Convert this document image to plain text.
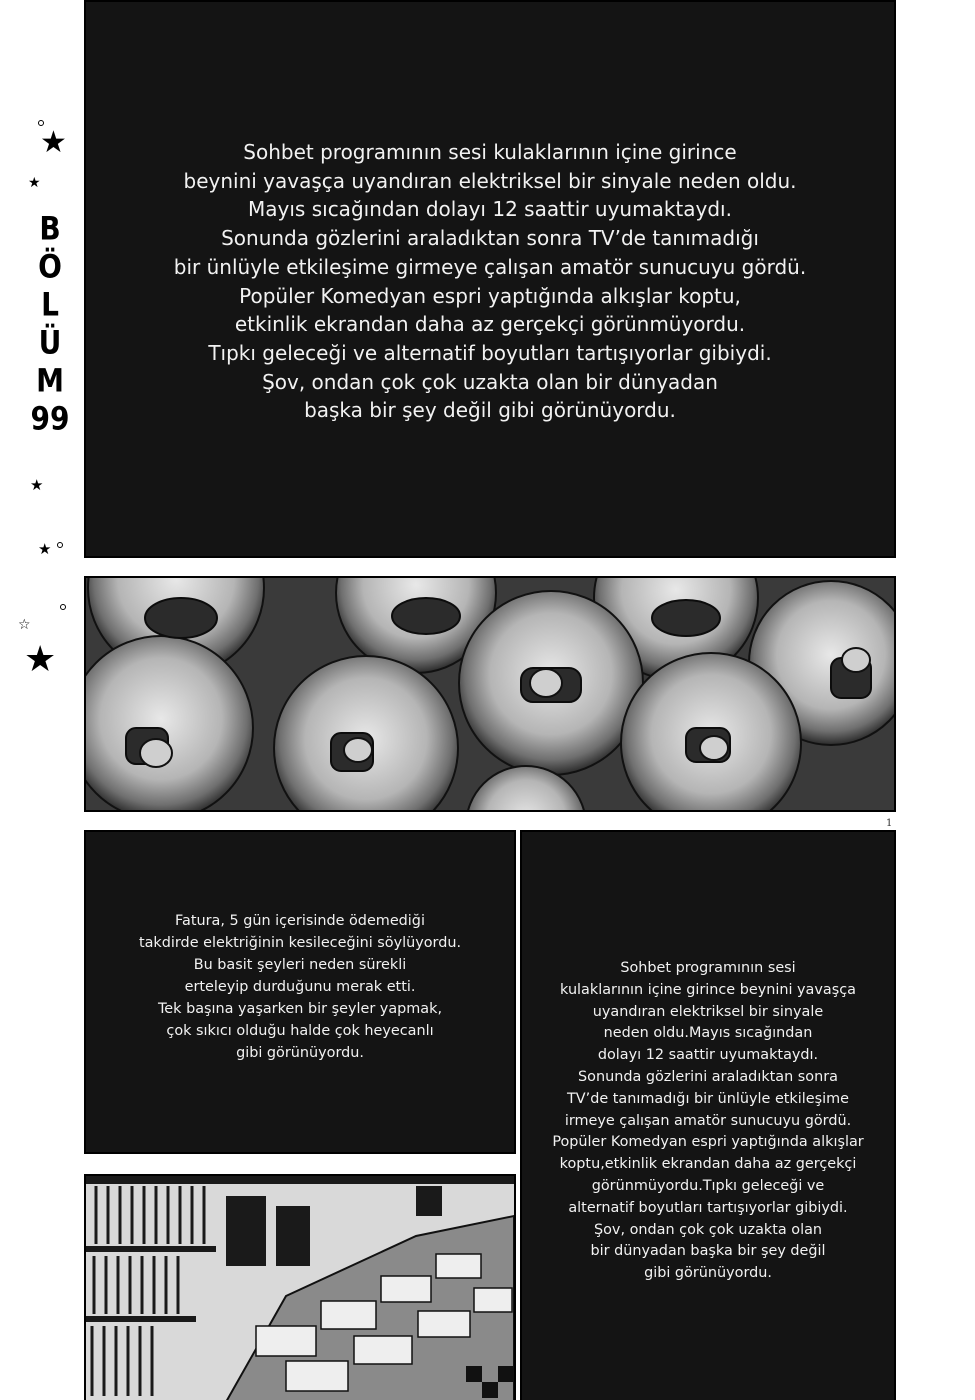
★
★
B
Ö
L
Ü
M
99
★
★
☆
★
Sohbet programının sesi kulaklarının içine girince
beynini yavaşça uyandıran elektriksel bir sinyale neden oldu.
Mayıs sıcağından dolayı 12 saattir uyumaktaydı.
Sonunda gözlerini araladıktan sonra TV’de tanımadığı
bir ünlüyle etkileşime girmeye çalışan amatör sunucuyu gördü.
Popüler Komedyan espri yaptığında alkışlar koptu,
etkinlik ekrandan daha az gerçekçi görünmüyordu.
Tıpkı geleceği ve alternatif boyutları tartışıyorlar gibiydi.
Şov, ondan çok çok uzakta olan bir dünyadan
başka bir şey değil gibi görünüyordu.
Fatura, 5 gün içerisinde ödemediği
takdirde elektriğinin kesileceğini söylüyordu.
Bu basit şeyleri neden sürekli
erteleyip durduğunu merak etti.
Tek başına yaşarken bir şeyler yapmak,
çok sıkıcı olduğu halde çok heyecanlı
gibi görünüyordu.
Sohbet programının sesi
kulaklarının içine girince beynini yavaşça
uyandıran elektriksel bir sinyale
neden oldu.Mayıs sıcağından
dolayı 12 saattir uyumaktaydı.
Sonunda gözlerini araladıktan sonra
TV’de tanımadığı bir ünlüyle etkileşime
irmeye çalışan amatör sunucuyu gördü.
Popüler Komedyan espri yaptığında alkışlar
koptu,etkinlik ekrandan daha az gerçekçi
görünmüyordu.Tıpkı geleceği ve
alternatif boyutları tartışıyorlar gibiydi.
Şov, ondan çok çok uzakta olan
bir dünyadan başka bir şey değil
gibi görünüyordu.
1
